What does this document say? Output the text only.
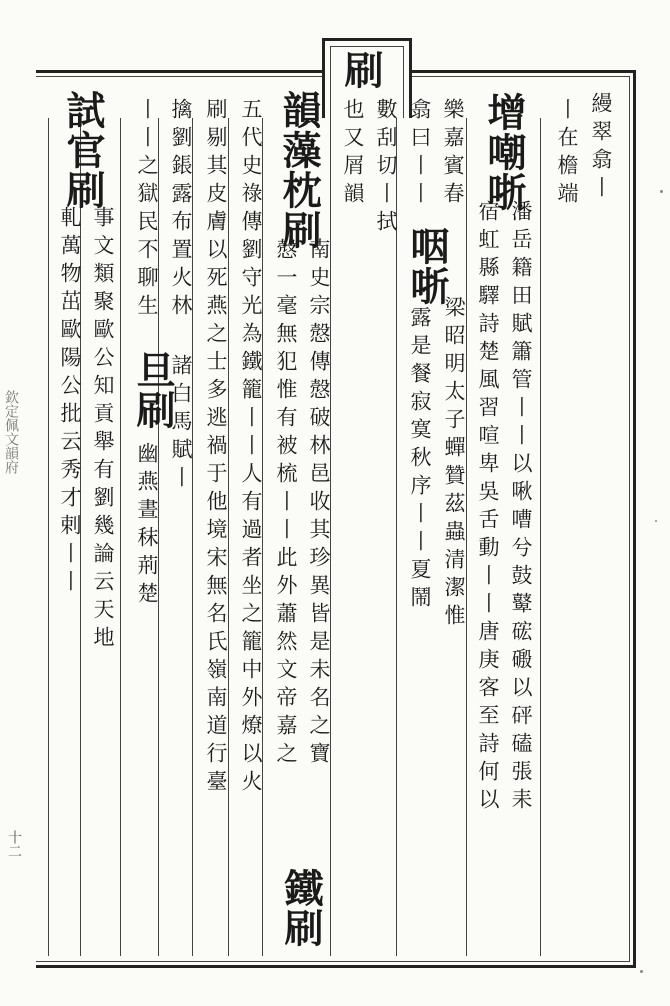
欽定佩文韻府
十二
縵翠翕丨
丨在檐端
增嘲哳
潘岳籍田賦簫管丨丨以啾嘈兮鼓鼙硡磤以砰磕張耒
宿虹縣驛詩楚風習喧卑吳舌動丨丨唐庚客至詩何以
樂嘉賓春
翕曰丨丨
咽哳
梁昭明太子蟬贊茲蟲清潔惟
露是餐寂寞秋序丨丨夏鬧
刷
數刮切丨拭
也又屑韻
韻藻枕刷
南史宗慤傳慤破林邑收其珍異皆是未名之寶
慤一毫無犯惟有被梳丨丨此外蕭然文帝嘉之
鐵刷
五代史祿傳劉守光為鐵籠丨丨人有過者坐之籠中外燎以火
刷剔其皮膚以死燕之士多逃禍于他境宋無名氏嶺南道行臺
擒劉鋹露布置火林
丨丨之獄民不聊生
旦刷
諸白馬賦丨
幽燕晝秣荊楚
試官刷
事文類聚歐公知貢舉有劉幾論云天地
軋萬物茁歐陽公批云秀才剌丨丨
